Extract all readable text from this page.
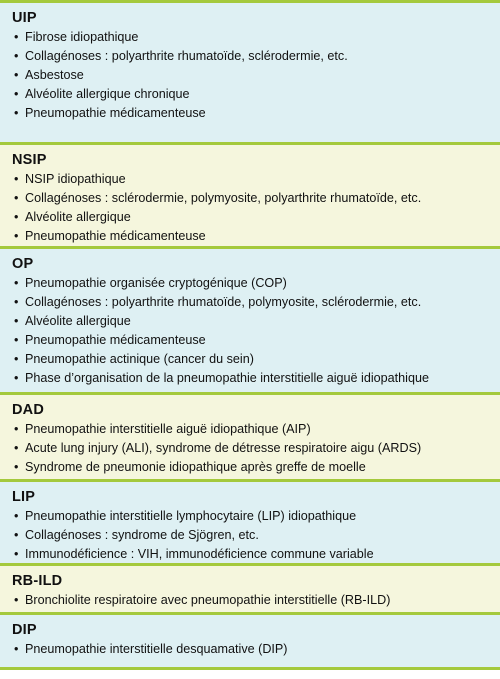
UIP
• Fibrose idiopathique
• Collagénoses : polyarthrite rhumatoïde, sclérodermie, etc.
• Asbestose
• Alvéolite allergique chronique
• Pneumopathie médicamenteuse
NSIP
• NSIP idiopathique
• Collagénoses : sclérodermie, polymyosite, polyarthrite rhumatoïde, etc.
• Alvéolite allergique
• Pneumopathie médicamenteuse
OP
• Pneumopathie organisée cryptogénique (COP)
• Collagénoses : polyarthrite rhumatoïde, polymyosite, sclérodermie, etc.
• Alvéolite allergique
• Pneumopathie médicamenteuse
• Pneumopathie actinique (cancer du sein)
• Phase d’organisation de la pneumopathie interstitielle aiguë idiopathique
DAD
• Pneumopathie interstitielle aiguë idiopathique (AIP)
• Acute lung injury (ALI), syndrome de détresse respiratoire aigu (ARDS)
• Syndrome de pneumonie idiopathique après greffe de moelle
LIP
• Pneumopathie interstitielle lymphocytaire (LIP) idiopathique
• Collagénoses : syndrome de Sjögren, etc.
• Immunodéficience : VIH, immunodéficience commune variable
RB-ILD
• Bronchiolite respiratoire avec pneumopathie interstitielle (RB-ILD)
DIP
• Pneumopathie interstitielle desquamative (DIP)
